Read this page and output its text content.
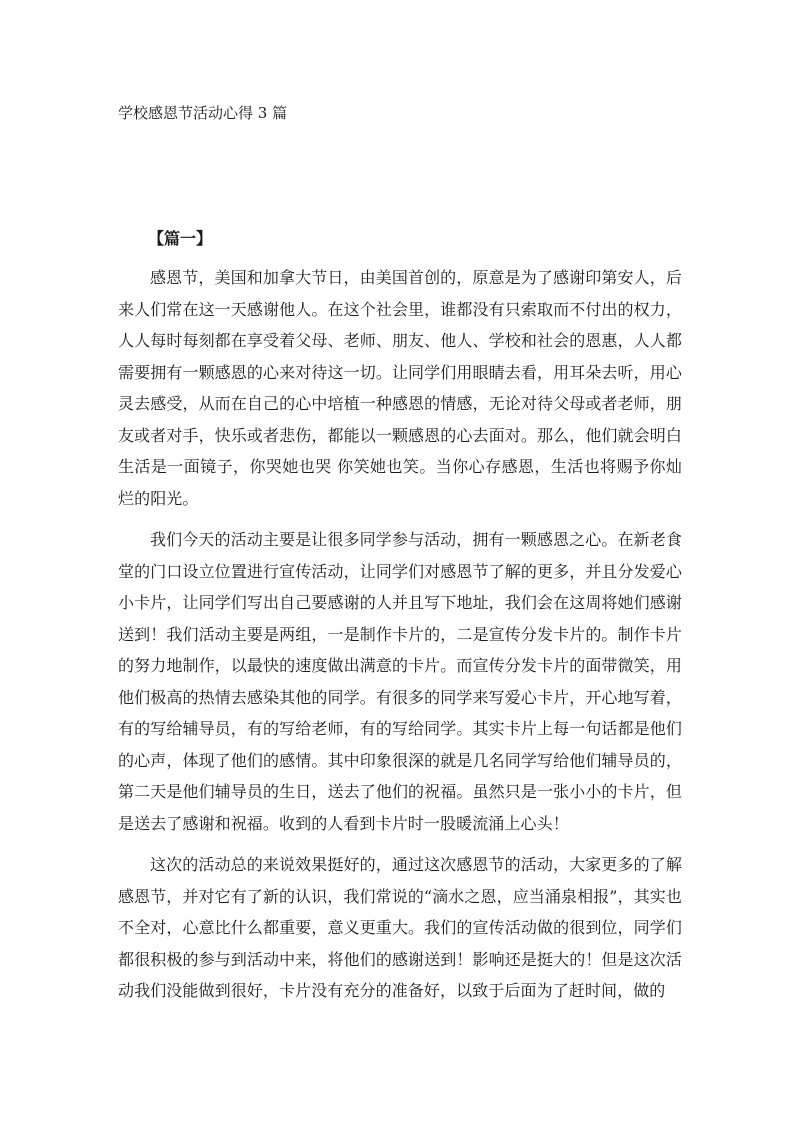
学校感恩节活动心得 3 篇
【篇一】

感恩节，美国和加拿大节日，由美国首创的，原意是为了感谢印第安人，后来人们常在这一天感谢他人。在这个社会里，谁都没有只索取而不付出的权力，人人每时每刻都在享受着父母、老师、朋友、他人、学校和社会的恩惠，人人都需要拥有一颗感恩的心来对待这一切。让同学们用眼睛去看，用耳朵去听，用心灵去感受，从而在自己的心中培植一种感恩的情感，无论对待父母或者老师，朋友或者对手，快乐或者悲伤，都能以一颗感恩的心去面对。那么，他们就会明白生活是一面镜子，你哭她也哭 你笑她也笑。当你心存感恩，生活也将赐予你灿烂的阳光。

我们今天的活动主要是让很多同学参与活动，拥有一颗感恩之心。在新老食堂的门口设立位置进行宣传活动，让同学们对感恩节了解的更多，并且分发爱心小卡片，让同学们写出自己要感谢的人并且写下地址，我们会在这周将她们感谢送到！我们活动主要是两组，一是制作卡片的，二是宣传分发卡片的。制作卡片的努力地制作，以最快的速度做出满意的卡片。而宣传分发卡片的面带微笑，用他们极高的热情去感染其他的同学。有很多的同学来写爱心卡片，开心地写着，有的写给辅导员，有的写给老师，有的写给同学。其实卡片上每一句话都是他们的心声，体现了他们的感情。其中印象很深的就是几名同学写给他们辅导员的，第二天是他们辅导员的生日，送去了他们的祝福。虽然只是一张小小的卡片，但是送去了感谢和祝福。收到的人看到卡片时一股暖流涌上心头！

这次的活动总的来说效果挺好的，通过这次感恩节的活动，大家更多的了解感恩节，并对它有了新的认识，我们常说的“滴水之恩，应当涌泉相报”，其实也不全对，心意比什么都重要，意义更重大。我们的宣传活动做的很到位，同学们都很积极的参与到活动中来，将他们的感谢送到！影响还是挺大的！但是这次活动我们没能做到很好，卡片没有充分的准备好，以致于后面为了赶时间，做的
